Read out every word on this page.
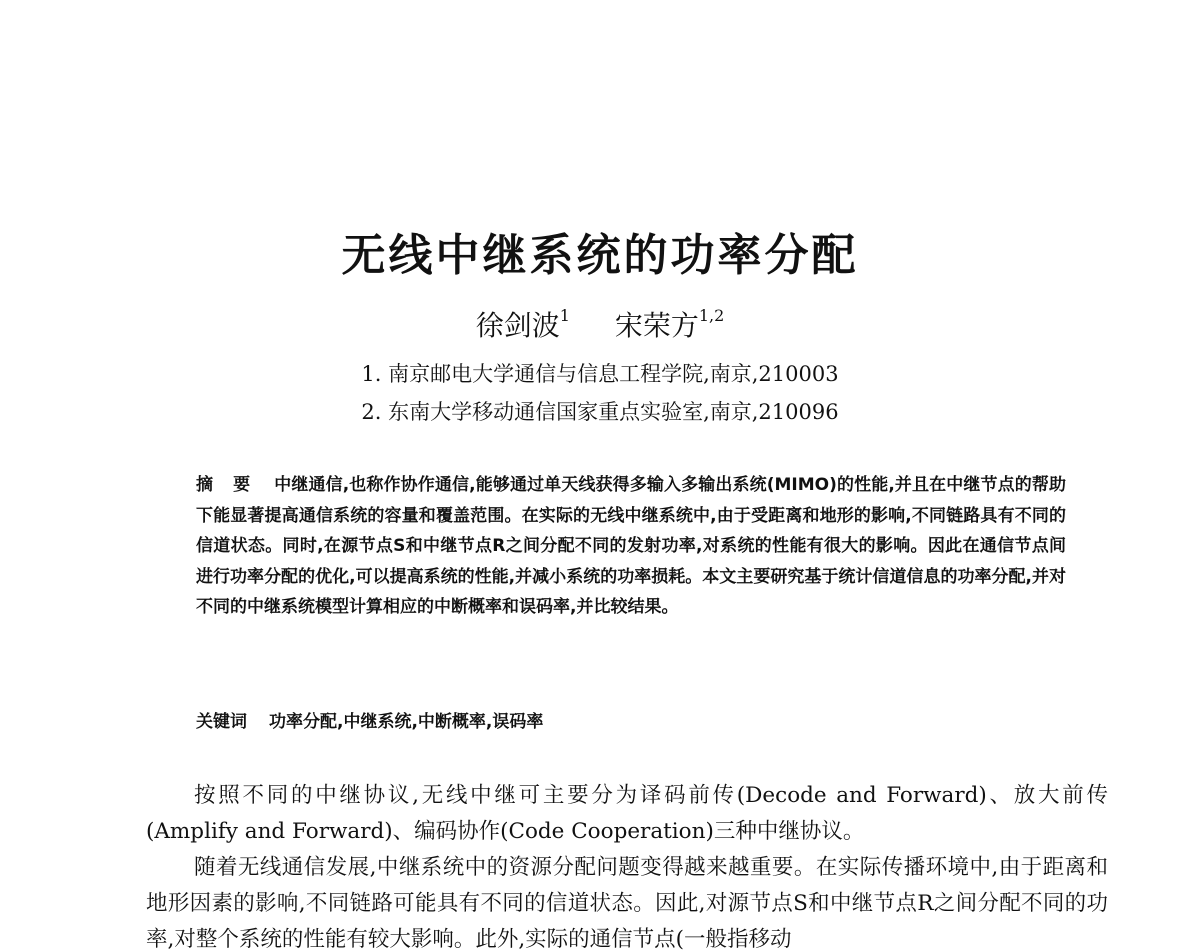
无线中继系统的功率分配
徐剑波$^1$ 宋荣方$^{1,2}$
1. 南京邮电大学通信与信息工程学院,南京,210003
2. 东南大学移动通信国家重点实验室,南京,210096

摘要 中继通信,也称作协作通信,能够通过单天线获得多输入多输出系统(MIMO)的性能,并且在中继节点的帮助下能显著提高通信系统的容量和覆盖范围。在实际的无线中继系统中,由于受距离和地形的影响,不同链路具有不同的信道状态。同时,在源节点S和中继节点R之间分配不同的发射功率,对系统的性能有很大的影响。因此在通信节点间进行功率分配的优化,可以提高系统的性能,并减小系统的功率损耗。本文主要研究基于统计信道信息的功率分配,并对不同的中继系统模型计算相应的中断概率和误码率,并比较结果。

关键词 功率分配,中继系统,中断概率,误码率

按照不同的中继协议,无线中继可主要分为译码前传(Decode and Forward)、放大前传(Amplify and Forward)、编码协作(Code Cooperation)三种中继协议。

随着无线通信发展,中继系统中的资源分配问题变得越来越重要。在实际传播环境中,由于距离和地形因素的影响,不同链路可能具有不同的信道状态。因此,对源节点S和中继节点R之间分配不同的功率,对整个系统的性能有较大影响。此外,实际的通信节点(一般指移动
